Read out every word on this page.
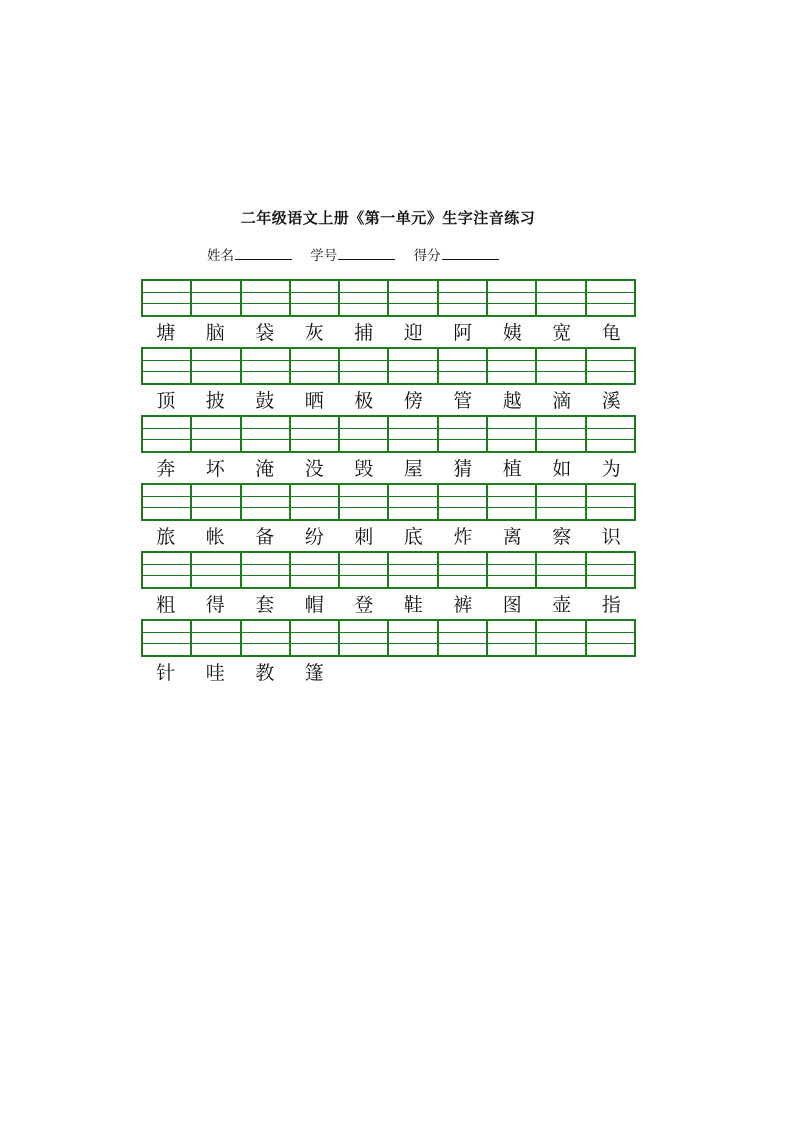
二年级语文上册《第一单元》生字注音练习
姓名	学号	得分
塘	脑	袋	灰	捕	迎	阿	姨	宽	龟
顶	披	鼓	晒	极	傍	管	越	滴	溪
奔	坏	淹	没	毁	屋	猜	植	如	为
旅	帐	备	纷	刺	底	炸	离	察	识
粗	得	套	帽	登	鞋	裤	图	壶	指
针	哇	教	篷
